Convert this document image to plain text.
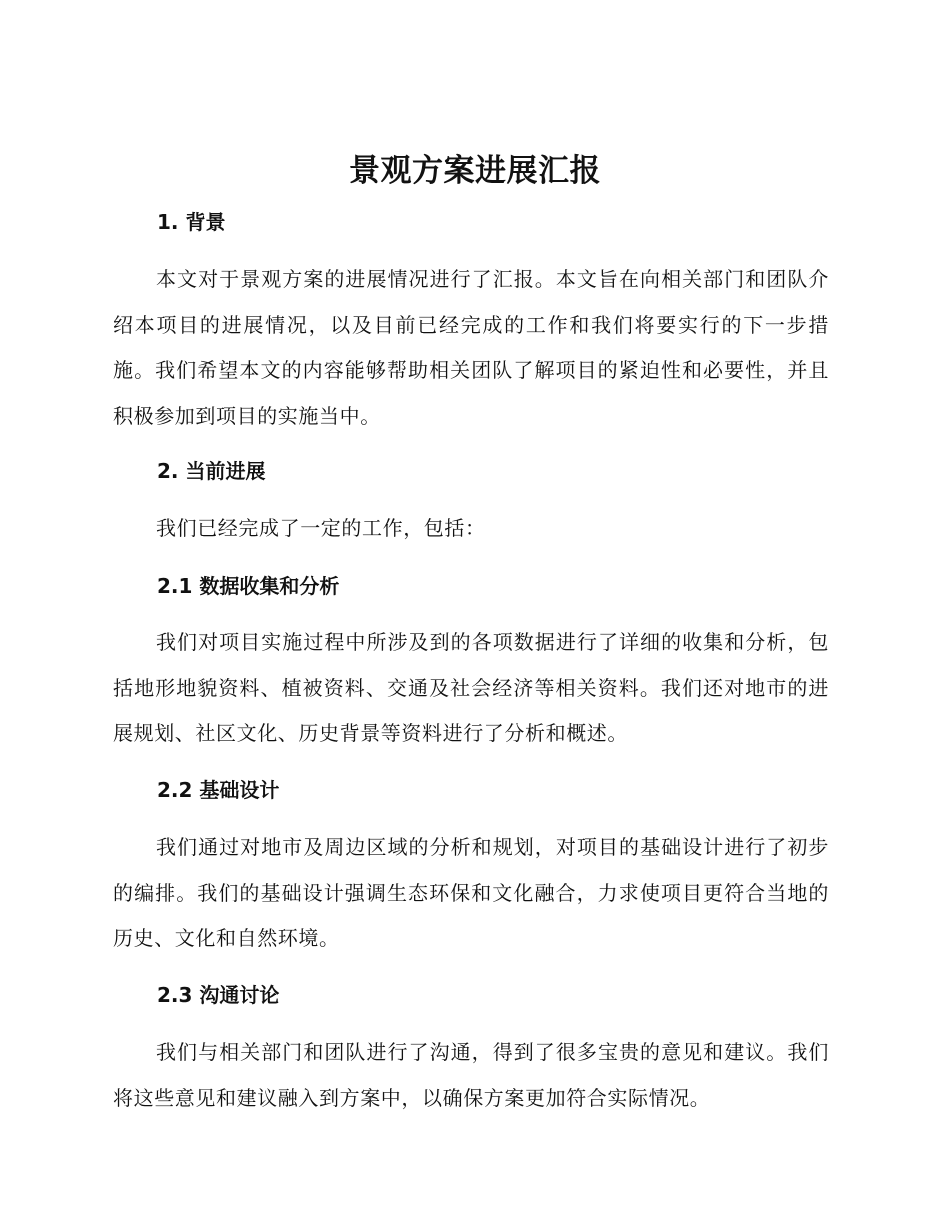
景观方案进展汇报
1. 背景

本文对于景观方案的进展情况进行了汇报。本文旨在向相关部门和团队介绍本项目的进展情况，以及目前已经完成的工作和我们将要实行的下一步措施。我们希望本文的内容能够帮助相关团队了解项目的紧迫性和必要性，并且积极参加到项目的实施当中。

2. 当前进展

我们已经完成了一定的工作，包括：

2.1 数据收集和分析

我们对项目实施过程中所涉及到的各项数据进行了详细的收集和分析，包括地形地貌资料、植被资料、交通及社会经济等相关资料。我们还对地市的进展规划、社区文化、历史背景等资料进行了分析和概述。

2.2 基础设计

我们通过对地市及周边区域的分析和规划，对项目的基础设计进行了初步的编排。我们的基础设计强调生态环保和文化融合，力求使项目更符合当地的历史、文化和自然环境。

2.3 沟通讨论

我们与相关部门和团队进行了沟通，得到了很多宝贵的意见和建议。我们将这些意见和建议融入到方案中，以确保方案更加符合实际情况。
